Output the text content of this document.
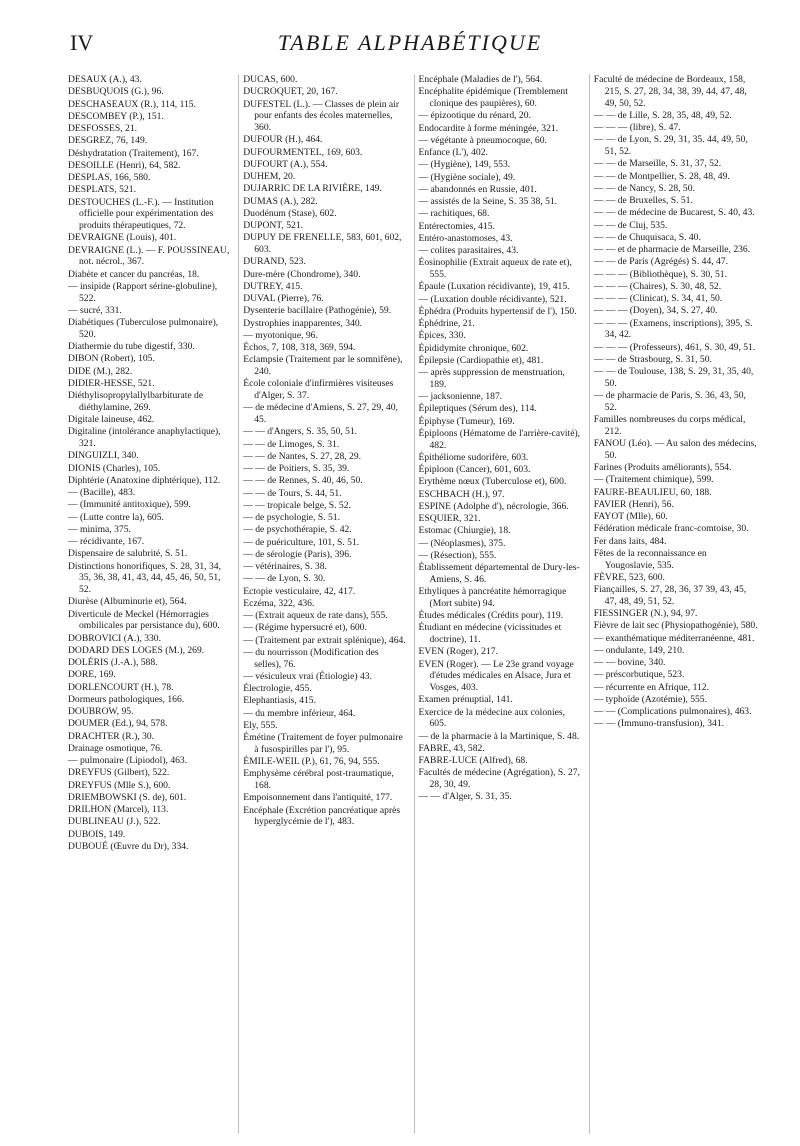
IV	TABLE ALPHABÉTIQUE
DESAUX (A.), 43.
DESBUQUOIS (G.), 96.
DESCHASEAUX (R.), 114, 115.
DESCOMBEY (P.), 151.
DESFOSSES, 21.
DESGREZ, 76, 149.
Déshydratation (Traitement), 167.
DESOILLE (Henri), 64, 582.
DESPLAS, 166, 580.
DESPLATS, 521.
DESTOUCHES (L.-F.). — Institution officielle pour expérimentation des produits thérapeutiques, 72.
DEVRAIGNE (Louis), 401.
DEVRAIGNE (L.). — F. POUSSINEAU, not. nécrol., 367.
Diabète et cancer du pancréas, 18.
— insipide (Rapport sérine-globuline), 522.
— sucré, 331.
Diabétiques (Tuberculose pulmonaire), 520.
Diathermie du tube digestif, 330.
DIBON (Robert), 105.
DIDE (M.), 282.
DIDIER-HESSE, 521.
Diéthylisopropylallylbarbiturate de diéthylamine, 269.
Digitale laineuse, 462.
Digitaline (intolérance anaphylactique), 321.
DINGUIZLI, 340.
DIONIS (Charles), 105.
Diphtérie (Anatoxine diphtérique), 112.
— (Bacille), 483.
— (Immunité antitoxique), 599.
— (Lutte contre la), 605.
— minima, 375.
— récidivante, 167.
Dispensaire de salubrité, S. 51.
Distinctions honorifiques, S. 28, 31, 34, 35, 36, 38, 41, 43, 44, 45, 46, 50, 51, 52.
Diurèse (Albuminurie et), 564.
Diverticule de Meckel (Hémorragies ombilicales par persistance du), 600.
DOBROVICI (A.), 330.
DODARD DES LOGES (M.), 269.
DOLÉRIS (J.-A.), 588.
DORE, 169.
DORLENCOURT (H.), 78.
Dormeurs pathologiques, 166.
DOUBROW, 95.
DOUMER (Ed.), 94, 578.
DRACHTER (R.), 30.
Drainage osmotique, 76.
— pulmonaire (Lipiodol), 463.
DREYFUS (Gilbert), 522.
DREYFUS (Mlle S.), 600.
DRIEMBOWSKI (S. de), 601.
DRILHON (Marcel), 113.
DUBLINEAU (J.), 522.
DUBOIS, 149.
DUBOUÉ (Œuvre du Dr), 334.
DUCAS, 600.
DUCROQUET, 20, 167.
DUFESTEL (L.). — Classes de plein air pour enfants des écoles maternelles, 360.
DUFOUR (H.), 464.
DUFOURMENTEL, 169, 603.
DUFOURT (A.), 554.
DUHEM, 20.
DUJARRIC DE LA RIVIÈRE, 149.
DUMAS (A.), 282.
Duodénum (Stase), 602.
DUPONT, 521.
DUPUY DE FRENELLE, 583, 601, 602, 603.
DURAND, 523.
Dure-mère (Chondrome), 340.
DUTREY, 415.
DUVAL (Pierre), 76.
Dysenterie bacillaire (Pathogénie), 59.
Dystrophies inapparentes, 340.
— myotonique, 96.
Échos, 7, 108, 318, 369, 594.
Eclampsie (Traitement par le somnifène), 240.
École coloniale d'infirmières visiteuses d'Alger, S. 37.
— de médecine d'Amiens, S. 27, 29, 40, 45.
— — d'Angers, S. 35, 50, 51.
— — de Limoges, S. 31.
— — de Nantes, S. 27, 28, 29.
— — de Poitiers, S. 35, 39.
— — de Rennes, S. 40, 46, 50.
— — de Tours, S. 44, 51.
— — tropicale belge, S. 52.
— de psychologie, S. 51.
— de psychothérapie, S. 42.
— de puériculture, 101, S. 51.
— de sérologie (Paris), 396.
— vétérinaires, S. 38.
— — de Lyon, S. 30.
Ectopie vesticulaire, 42, 417.
Eczéma, 322, 436.
— (Extrait aqueux de rate dans), 555.
— (Régime hypersucré et), 600.
— (Traitement par extrait splénique), 464.
— du nourrisson (Modification des selles), 76.
— vésiculeux vrai (Étiologie) 43.
Électrologie, 455.
Elephantiasis, 415.
— du membre inférieur, 464.
Ely, 555.
Émétine (Traitement de foyer pulmonaire à fusospirilles par l'), 95.
ÉMILE-WEIL (P.), 61, 76, 94, 555.
Emphysème cérébral post-traumatique, 168.
Empoisonnement dans l'antiquité, 177.
Encéphale (Excrétion pancréatique après hyperglycémie de l'), 483.
Encéphale (Maladies de l'), 564.
Encéphalite épidémique (Tremblement clonique des paupières), 60.
— épizootique du rénard, 20.
Endocardite à forme méningée, 321.
— végétante à pneumocoque, 60.
Enfance (L'), 402.
— (Hygiène), 149, 553.
— (Hygiène sociale), 49.
— abandonnés en Russie, 401.
— assistés de la Seine, S. 35 38, 51.
— rachitiques, 68.
Entérectomies, 415.
Entéro-anastomoses, 43.
— colites parasitaires, 43.
Éosinophilie (Extrait aqueux de rate et), 555.
Épaule (Luxation récidivante), 19, 415.
— (Luxation double récidivante), 521.
Éphédra (Produits hypertensif de l'), 150.
Éphédrine, 21.
Épices, 330.
Épididymite chronique, 602.
Épilepsie (Cardiopathie et), 481.
— après suppression de menstruation, 189.
— jacksonienne, 187.
Épileptiques (Sérum des), 114.
Épiphyse (Tumeur), 169.
Épiploons (Hématome de l'arrière-cavité), 482.
Épithéliome sudorifère, 603.
Épiploon (Cancer), 601, 603.
Erythème nœux (Tuberculose et), 600.
ESCHBACH (H.), 97.
ESPINE (Adolphe d'), nécrologie, 366.
ESQUIER, 321.
Estomac (Chiurgie), 18.
— (Néoplasmes), 375.
— (Résection), 555.
Établissement départemental de Dury-les-Amiens, S. 46.
Ethyliques à pancréatite hémorragique (Mort subite) 94.
Études médicales (Crédits pour), 119.
Étudiant en médecine (vicissitudes et doctrine), 11.
EVEN (Roger), 217.
EVEN (Roger). — Le 23e grand voyage d'études médicales en Alsace, Jura et Vosges, 403.
Examen prénuptial, 141.
Exercice de la médecine aux colonies, 605.
— de la pharmacie à la Martinique, S. 48.
FABRE, 43, 582.
FABRE-LUCE (Alfred), 68.
Facultés de médecine (Agrégation), S. 27, 28, 30, 49.
— — d'Alger, S. 31, 35.
Faculté de médecine de Bordeaux, 158, 215, S. 27, 28, 34, 38, 39, 44, 47, 48, 49, 50, 52.
— — de Lille, S. 28, 35, 48, 49, 52.
— — — (libre), S. 47.
— — de Lyon, S. 29, 31, 35. 44, 49, 50, 51, 52.
— — de Marseille, S. 31, 37, 52.
— — de Montpellier, S. 28, 48, 49.
— — de Nancy, S. 28, 50.
— — de Bruxelles, S. 51.
— — de médecine de Bucarest, S. 40, 43.
— — de Cluj, 535.
— — de Chuquisaca, S. 40.
— — et de pharmacie de Marseille, 236.
— — de Paris (Agrégés) S. 44, 47.
— — — (Bibliothèque), S. 30, 51.
— — — (Chaires), S. 30, 48, 52.
— — — (Clinicat), S. 34, 41, 50.
— — — (Doyen), 34, S. 27, 40.
— — — (Examens, inscriptions), 395, S. 34, 42.
— — — (Professeurs), 461, S. 30, 49, 51.
— — de Strasbourg, S. 31, 50.
— — de Toulouse, 138, S. 29, 31, 35, 40, 50.
— de pharmacie de Paris, S. 36, 43, 50, 52.
Familles nombreuses du corps médical, 212.
FANOU (Léo). — Au salon des médecins, 50.
Farines (Produits améliorants), 554.
— (Traitement chimique), 599.
FAURE-BEAULIEU, 60, 188.
FAVIER (Henri), 56.
FAYOT (Mlle), 60.
Fédération médicale franc-comtoise, 30.
Fer dans laits, 484.
Fêtes de la reconnaissance en Yougoslavie, 535.
FÈVRE, 523, 600.
Fiançailles, S. 27, 28, 36, 37 39, 43, 45, 47, 48, 49, 51, 52.
FIESSINGER (N.), 94, 97.
Fièvre de lait sec (Physiopathogénie), 580.
— exanthématique méditerranéenne, 481.
— ondulante, 149, 210.
— — bovine, 340.
— préscorbutique, 523.
— récurrente en Afrique, 112.
— typhoïde (Azotémie), 555.
— — (Complications pulmonaires), 463.
— — (Immuno-transfusion), 341.
